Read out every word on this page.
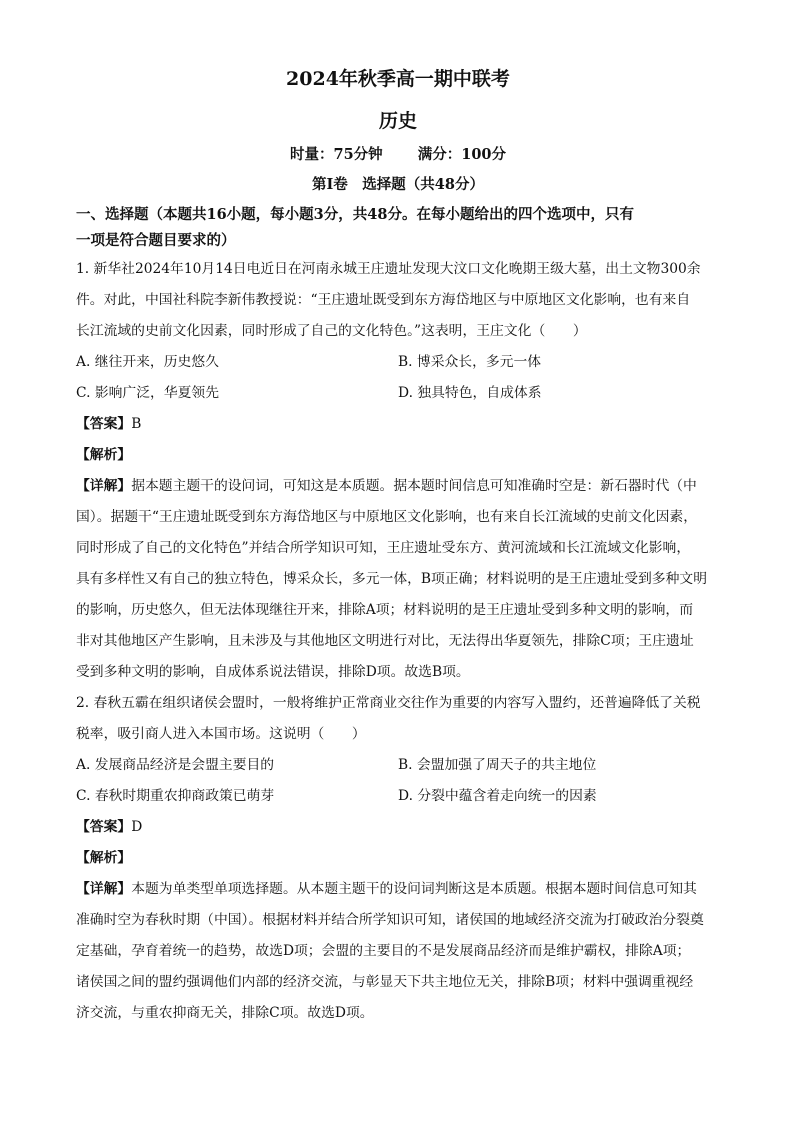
2024年秋季高一期中联考
历史
时量：75分钟 满分：100分
第Ⅰ卷　选择题（共48分）
一、选择题（本题共16小题，每小题3分，共48分。在每小题给出的四个选项中，只有
一项是符合题目要求的）

1. 新华社2024年10月14日电近日在河南永城王庄遗址发现大汶口文化晚期王级大墓，出土文物300余

件。对此，中国社科院李新伟教授说：“王庄遗址既受到东方海岱地区与中原地区文化影响，也有来自

长江流域的史前文化因素，同时形成了自己的文化特色。”这表明，王庄文化（　　）

A. 继往开来，历史悠久	B. 博采众长，多元一体
C. 影响广泛，华夏领先	D. 独具特色，自成体系
【答案】B
【解析】

【详解】据本题主题干的设问词，可知这是本质题。据本题时间信息可知准确时空是：新石器时代（中

国）。据题干“王庄遗址既受到东方海岱地区与中原地区文化影响，也有来自长江流域的史前文化因素，

同时形成了自己的文化特色”并结合所学知识可知，王庄遗址受东方、黄河流域和长江流域文化影响，

具有多样性又有自己的独立特色，博采众长，多元一体，B项正确；材料说明的是王庄遗址受到多种文明

的影响，历史悠久，但无法体现继往开来，排除A项；材料说明的是王庄遗址受到多种文明的影响，而

非对其他地区产生影响，且未涉及与其他地区文明进行对比，无法得出华夏领先，排除C项；王庄遗址

受到多种文明的影响，自成体系说法错误，排除D项。故选B项。

2. 春秋五霸在组织诸侯会盟时，一般将维护正常商业交往作为重要的内容写入盟约，还普遍降低了关税

税率，吸引商人进入本国市场。这说明（　　）

A. 发展商品经济是会盟主要目的	B. 会盟加强了周天子的共主地位
C. 春秋时期重农抑商政策已萌芽	D. 分裂中蕴含着走向统一的因素
【答案】D
【解析】

【详解】本题为单类型单项选择题。从本题主题干的设问词判断这是本质题。根据本题时间信息可知其

准确时空为春秋时期（中国）。根据材料并结合所学知识可知，诸侯国的地域经济交流为打破政治分裂奠

定基础，孕育着统一的趋势，故选D项；会盟的主要目的不是发展商品经济而是维护霸权，排除A项；

诸侯国之间的盟约强调他们内部的经济交流，与彰显天下共主地位无关，排除B项；材料中强调重视经

济交流，与重农抑商无关，排除C项。故选D项。
